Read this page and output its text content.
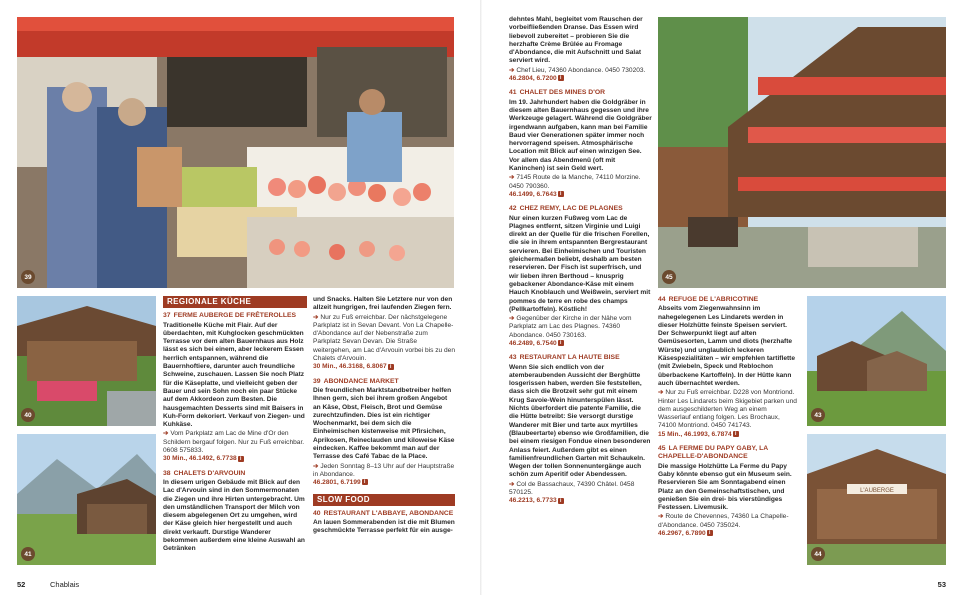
39
40
41
REGIONALE KÜCHE
37 FERME AUBERGE DE FRÊTEROLLES

Traditionelle Küche mit Flair. Auf der überdachten, mit Kuhglocken geschmückten Terrasse vor dem alten Bauernhaus aus Holz lässt es sich bei einem, aber leckerem Essen herrlich entspannen, während die Bauernhoftiere, darunter auch freundliche Schweine, zuschauen. Lassen Sie noch Platz für die Käseplatte, und vielleicht geben der Bauer und sein Sohn noch ein paar Stücke auf dem Akkordeon zum Besten. Die hausgemachten Desserts sind mit Baisers in Kuh-Form dekoriert. Verkauf von Ziegen- und Kuhkäse.

➔ Vom Parkplatz am Lac de Mine d'Or den Schildern bergauf folgen. Nur zu Fuß erreichbar. 0608 575833.

30 Min., 46.1492, 6.7738 i

38 CHALETS D'ARVOUIN

In diesem urigen Gebäude mit Blick auf den Lac d'Arvouin sind in den Sommermonaten die Ziegen und ihre Hirten untergebracht. Um den umständlichen Transport der Milch von diesem abgelegenen Ort zu umgehen, wird der Käse gleich hier hergestellt und auch direkt verkauft. Durstige Wanderer bekommen außerdem eine kleine Auswahl an Getränken

und Snacks. Halten Sie Letztere nur von den allzeit hungrigen, frei laufenden Ziegen fern.

➔ Nur zu Fuß erreichbar. Der nächstgelegene Parkplatz ist in Sevan Devant. Von La Chapelle-d'Abondance auf der Nebenstraße zum Parkplatz Sevan Devan. Die Straße weitergehen, am Lac d'Arvouin vorbei bis zu den Chalets d'Arvouin.

30 Min., 46.3168, 6.8067 i

39 ABONDANCE MARKET

Die freundlichen Marktstandbetreiber helfen Ihnen gern, sich bei ihrem großen Angebot an Käse, Obst, Fleisch, Brot und Gemüse zurechtzufinden. Dies ist ein richtiger Wochenmarkt, bei dem sich die Einheimischen kistenweise mit Pfirsichen, Aprikosen, Reineclauden und kiloweise Käse eindecken. Kaffee bekommt man auf der Terrasse des Café Tabac de la Place.

➔ Jeden Sonntag 8–13 Uhr auf der Hauptstraße in Abondance.

46.2801, 6.7199 i

SLOW FOOD
40 RESTAURANT L'ABBAYE, ABONDANCE

An lauen Sommerabenden ist die mit Blumen geschmückte Terrasse perfekt für ein ausge-

52	Chablais

dehntes Mahl, begleitet vom Rauschen der vorbeifließenden Dranse. Das Essen wird liebevoll zubereitet – probieren Sie die herzhafte Crème Brûlée au Fromage d'Abondance, die mit Aufschnitt und Salat serviert wird.

➔ Chef Lieu, 74360 Abondance. 0450 730203.

46.2804, 6.7200 i

41 CHALET DES MINES D'OR

Im 19. Jahrhundert haben die Goldgräber in diesem alten Bauernhaus gegessen und ihre Werkzeuge gelagert. Während die Goldgräber irgendwann aufgaben, kann man bei Familie Baud vier Generationen später immer noch hervorragend speisen. Atmosphärische Location mit Blick auf einen winzigen See. Vor allem das Abendmenü (oft mit Kaninchen) ist sein Geld wert.

➔ 7145 Route de la Manche, 74110 Morzine. 0450 790360.

46.1499, 6.7643 i

42 CHEZ REMY, LAC DE PLAGNES

Nur einen kurzen Fußweg vom Lac de Plagnes entfernt, sitzen Virginie und Luigi direkt an der Quelle für die frischen Forellen, die sie in ihrem entspannten Bergrestaurant servieren. Bei Einheimischen und Touristen gleichermaßen beliebt, deshalb am besten reservieren. Der Fisch ist superfrisch, und wir lieben ihren Berthoud – knusprig gebackener Abondance-Käse mit einem Hauch Knoblauch und Weißwein, serviert mit pommes de terre en robe des champs (Pellkartoffeln). Köstlich!

➔ Gegenüber der Kirche in der Nähe vom Parkplatz am Lac des Plagnes. 74360 Abondance. 0450 730163.

46.2489, 6.7540 i

43 RESTAURANT LA HAUTE BISE

Wenn Sie sich endlich von der atemberaubenden Aussicht der Berghütte losgerissen haben, werden Sie feststellen, dass sich die Brotzeit sehr gut mit einem Krug Savoie-Wein hinunterspülen lässt. Nichts überfordert die patente Familie, die die Hütte betreibt: Sie versorgt durstige Wanderer mit Bier und tarte aux myrtilles (Blaubeertarte) ebenso wie Großfamilien, die bei einem riesigen Fondue einen besonderen Anlass feiert. Außerdem gibt es einen familienfreundlichen Garten mit Schaukeln. Wegen der tollen Sonnenuntergänge auch schön zum Aperitif oder Abendessen.

➔ Col de Bassachaux, 74390 Châtel. 0458 570125.

46.2213, 6.7733 i

45
44 REFUGE DE L'ABRICOTINE

Abseits vom Ziegenwahnsinn im nahegelegenen Les Lindarets werden in dieser Holzhütte feinste Speisen serviert. Der Schwerpunkt liegt auf alten Gemüsesorten, Lamm und diots (herzhafte Würste) und unglaublich leckeren Käsespezialitäten – wir empfehlen tartiflette (mit Zwiebeln, Speck und Reblochon überbackene Kartoffeln). In der Hütte kann auch übernachtet werden.

➔ Nur zu Fuß erreichbar. D228 von Montriond. Hinter Les Lindarets beim Skigebiet parken und dem ausgeschilderten Weg an einem Wasserlauf entlang folgen. Les Brochaux, 74100 Montriond. 0450 741743.

15 Min., 46.1993, 6.7874 i

45 LA FERME DU PAPY GABY, LA CHAPELLE-D'ABONDANCE

Die massige Holzhütte La Ferme du Papy Gaby könnte ebenso gut ein Museum sein. Reservieren Sie am Sonntagabend einen Platz an den Gemeinschaftstischen, und genießen Sie ein drei- bis vierstündiges Festessen. Livemusik.

➔ Route de Chevennes, 74360 La Chapelle-d'Abondance. 0450 735024.

46.2967, 6.7890 i

43
L'AUBERGE
44
53
